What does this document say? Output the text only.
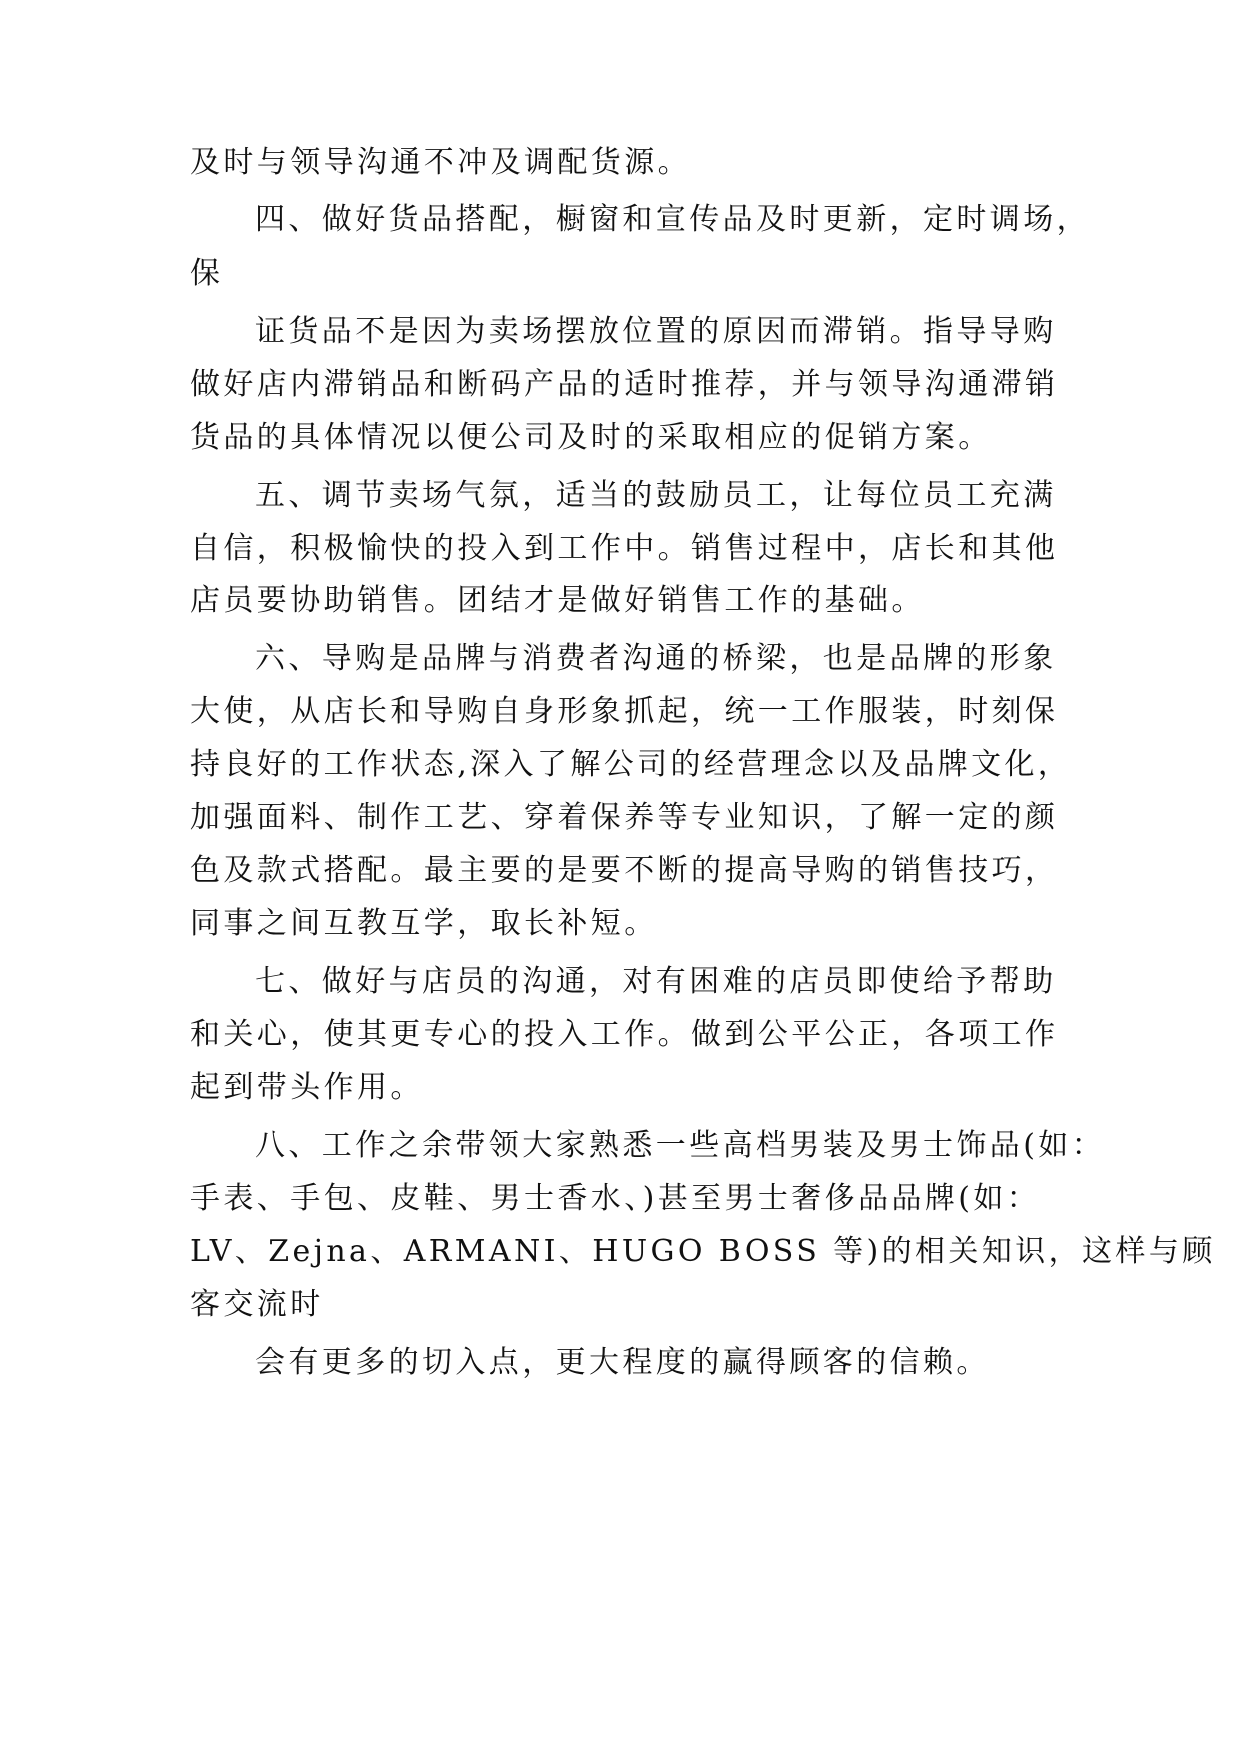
及时与领导沟通不冲及调配货源。
四、做好货品搭配，橱窗和宣传品及时更新，定时调场，
保
证货品不是因为卖场摆放位置的原因而滞销。指导导购
做好店内滞销品和断码产品的适时推荐，并与领导沟通滞销
货品的具体情况以便公司及时的采取相应的促销方案。
五、调节卖场气氛，适当的鼓励员工，让每位员工充满
自信，积极愉快的投入到工作中。销售过程中，店长和其他
店员要协助销售。团结才是做好销售工作的基础。
六、导购是品牌与消费者沟通的桥梁，也是品牌的形象
大使，从店长和导购自身形象抓起，统一工作服装，时刻保
持良好的工作状态,深入了解公司的经营理念以及品牌文化，
加强面料、制作工艺、穿着保养等专业知识，了解一定的颜
色及款式搭配。最主要的是要不断的提高导购的销售技巧，
同事之间互教互学，取长补短。
七、做好与店员的沟通，对有困难的店员即使给予帮助
和关心，使其更专心的投入工作。做到公平公正，各项工作
起到带头作用。
八、工作之余带领大家熟悉一些高档男装及男士饰品(如：
手表、手包、皮鞋、男士香水、)甚至男士奢侈品品牌(如：
LV、Zejna、ARMANI、HUGO BOSS 等)的相关知识，这样与顾
客交流时
会有更多的切入点，更大程度的赢得顾客的信赖。
